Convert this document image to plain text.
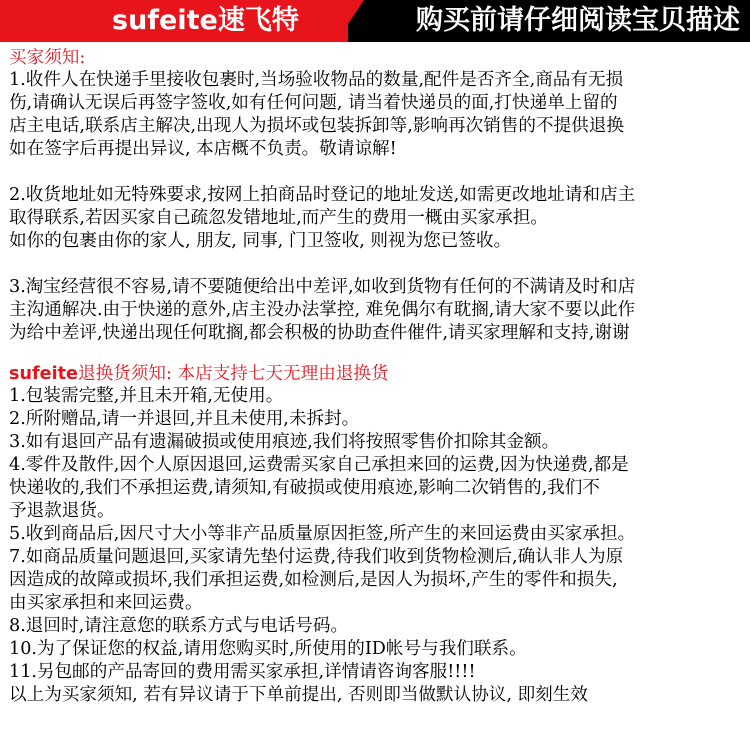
sufeite速飞特	购买前请仔细阅读宝贝描述
买家须知:
1.收件人在快递手里接收包裹时,当场验收物品的数量,配件是否齐全,商品有无损
伤,请确认无误后再签字签收,如有任何问题, 请当着快递员的面,打快递单上留的
店主电话,联系店主解决,出现人为损坏或包装拆卸等,影响再次销售的不提供退换
如在签字后再提出异议, 本店概不负责。敬请谅解!
2.收货地址如无特殊要求,按网上拍商品时登记的地址发送,如需更改地址请和店主
取得联系,若因买家自己疏忽发错地址,而产生的费用一概由买家承担。
如你的包裹由你的家人, 朋友, 同事, 门卫签收, 则视为您已签收。
3.淘宝经营很不容易,请不要随便给出中差评,如收到货物有任何的不满请及时和店
主沟通解决.由于快递的意外,店主没办法掌控, 难免偶尔有耽搁,请大家不要以此作
为给中差评,快递出现任何耽搁,都会积极的协助查件催件,请买家理解和支持,谢谢
sufeite退换货须知: 本店支持七天无理由退换货
1.包装需完整,并且未开箱,无使用。
2.所附赠品,请一并退回,并且未使用,未拆封。
3.如有退回产品有遗漏破损或使用痕迹,我们将按照零售价扣除其金额。
4.零件及散件,因个人原因退回,运费需买家自己承担来回的运费,因为快递费,都是
快递收的,我们不承担运费,请须知,有破损或使用痕迹,影响二次销售的,我们不
予退款退货。
5.收到商品后,因尺寸大小等非产品质量原因拒签,所产生的来回运费由买家承担。
7.如商品质量问题退回,买家请先垫付运费,待我们收到货物检测后,确认非人为原
因造成的故障或损坏,我们承担运费,如检测后,是因人为损坏,产生的零件和损失,
由买家承担和来回运费。
8.退回时,请注意您的联系方式与电话号码。
10.为了保证您的权益,请用您购买时,所使用的ID帐号与我们联系。
11.另包邮的产品寄回的费用需买家承担,详情请咨询客服!!!!
以上为买家须知, 若有异议请于下单前提出, 否则即当做默认协议, 即刻生效
